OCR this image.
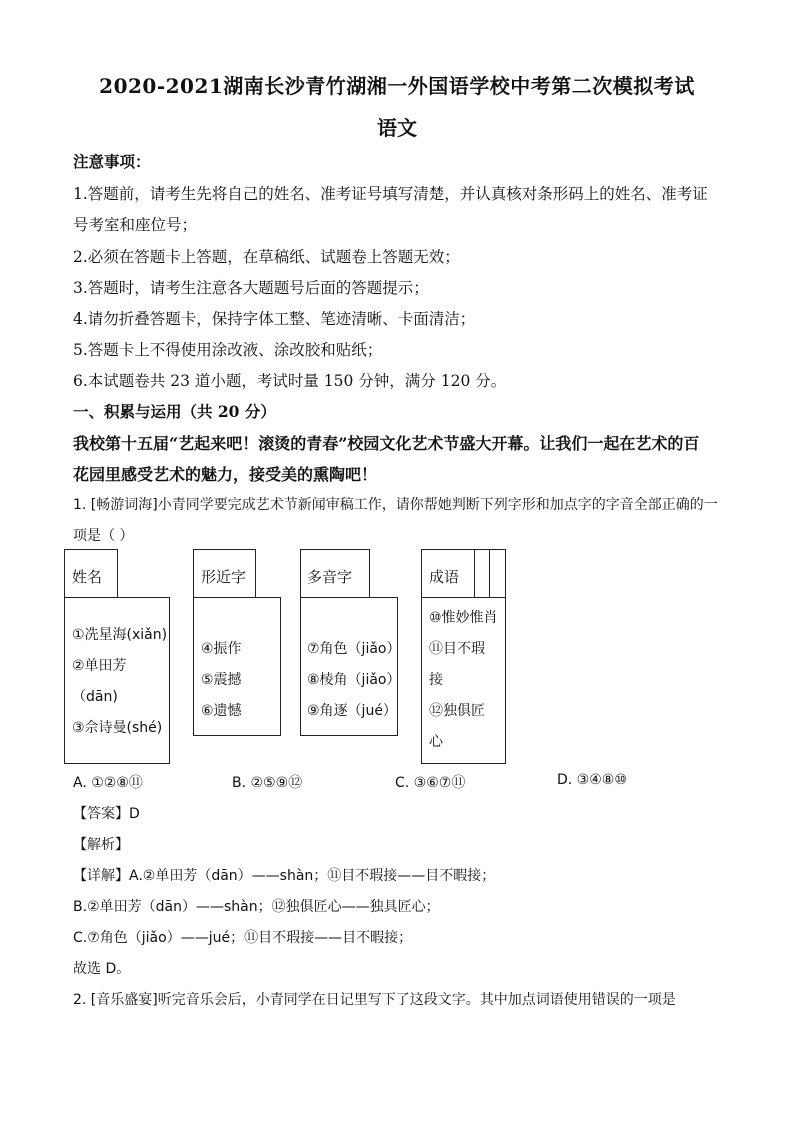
2020-2021湖南长沙青竹湖湘一外国语学校中考第二次模拟考试
语文
注意事项：
1.答题前，请考生先将自己的姓名、准考证号填写清楚，并认真核对条形码上的姓名、准考证
号考室和座位号；
2.必须在答题卡上答题，在草稿纸、试题卷上答题无效；
3.答题时，请考生注意各大题题号后面的答题提示；
4.请勿折叠答题卡，保持字体工整、笔迹清晰、卡面清洁；
5.答题卡上不得使用涂改液、涂改胶和贴纸；
6.本试题卷共 23 道小题，考试时量 150 分钟，满分 120 分。
一、积累与运用（共 20 分）
我校第十五届“艺起来吧！滚烫的青春”校园文化艺术节盛大开幕。让我们一起在艺术的百
花园里感受艺术的魅力，接受美的熏陶吧！
1. [畅游词海]小青同学要完成艺术节新闻审稿工作，请你帮她判断下列字形和加点字的字音全部正确的一
项是（ ）
姓名
①冼星海(xiǎn)
②单田芳
（dān)
③佘诗曼(shé)
形近字
④振作
⑤震撼
⑥遗憾
多音字
⑦角色（jiǎo）
⑧棱角（jiǎo）
⑨角逐（jué）
成语
⑩惟妙惟肖
⑪目不瑕
接
⑫独俱匠
心
A. ①②⑧⑪	B. ②⑤⑨⑫	C. ③⑥⑦⑪	D. ③④⑧⑩
【答案】D
【解析】
【详解】A.②单田芳（dān）——shàn；⑪目不瑕接——目不暇接；
B.②单田芳（dān）——shàn；⑫独俱匠心——独具匠心；
C.⑦角色（jiǎo）——jué；⑪目不瑕接——目不暇接；
故选 D。
2. [音乐盛宴]听完音乐会后，小青同学在日记里写下了这段文字。其中加点词语使用错误的一项是
